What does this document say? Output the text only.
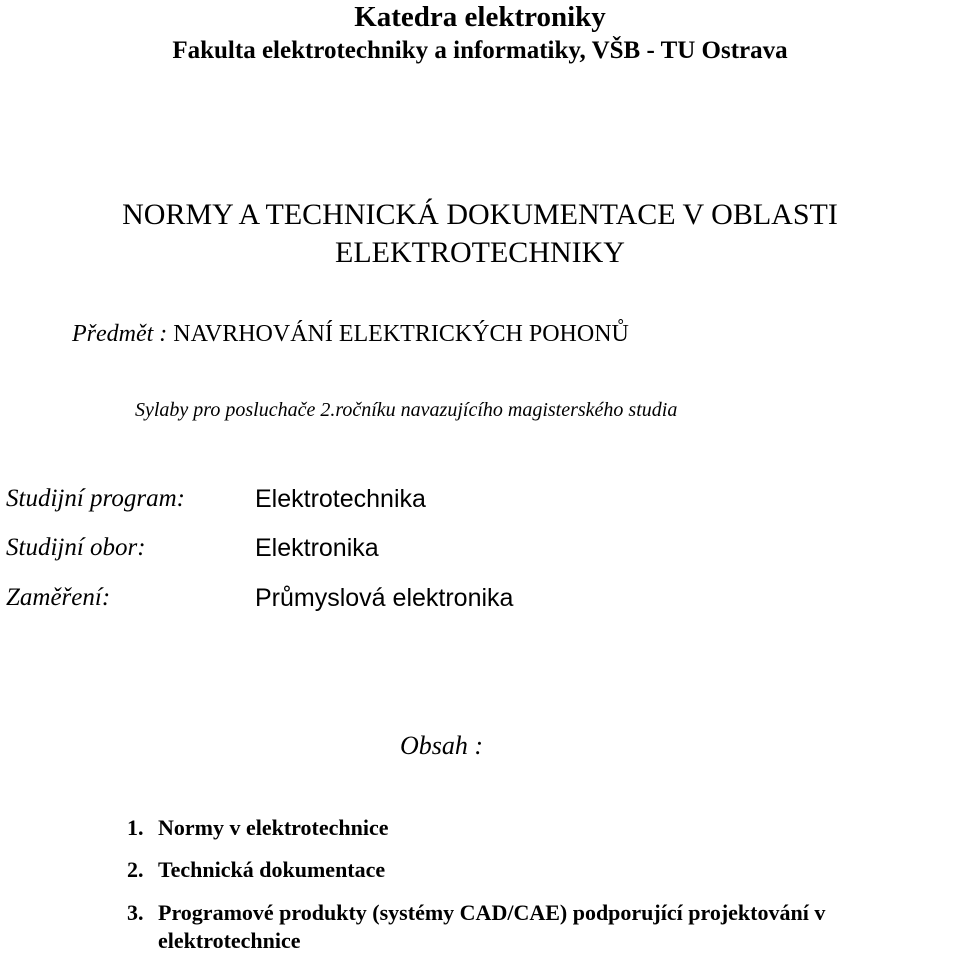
Katedra elektroniky
Fakulta elektrotechniky a informatiky, VŠB - TU Ostrava
NORMY A TECHNICKÁ DOKUMENTACE V OBLASTI
ELEKTROTECHNIKY
Předmět : NAVRHOVÁNÍ ELEKTRICKÝCH POHONŮ
Sylaby pro posluchače 2.ročníku navazujícího magisterského studia
Studijní program:	Elektrotechnika
Studijní obor:	Elektronika
Zaměření:	Průmyslová elektronika
Obsah :
1. Normy v elektrotechnice
2. Technická dokumentace
3. Programové produkty (systémy CAD/CAE) podporující projektování v
elektrotechnice
